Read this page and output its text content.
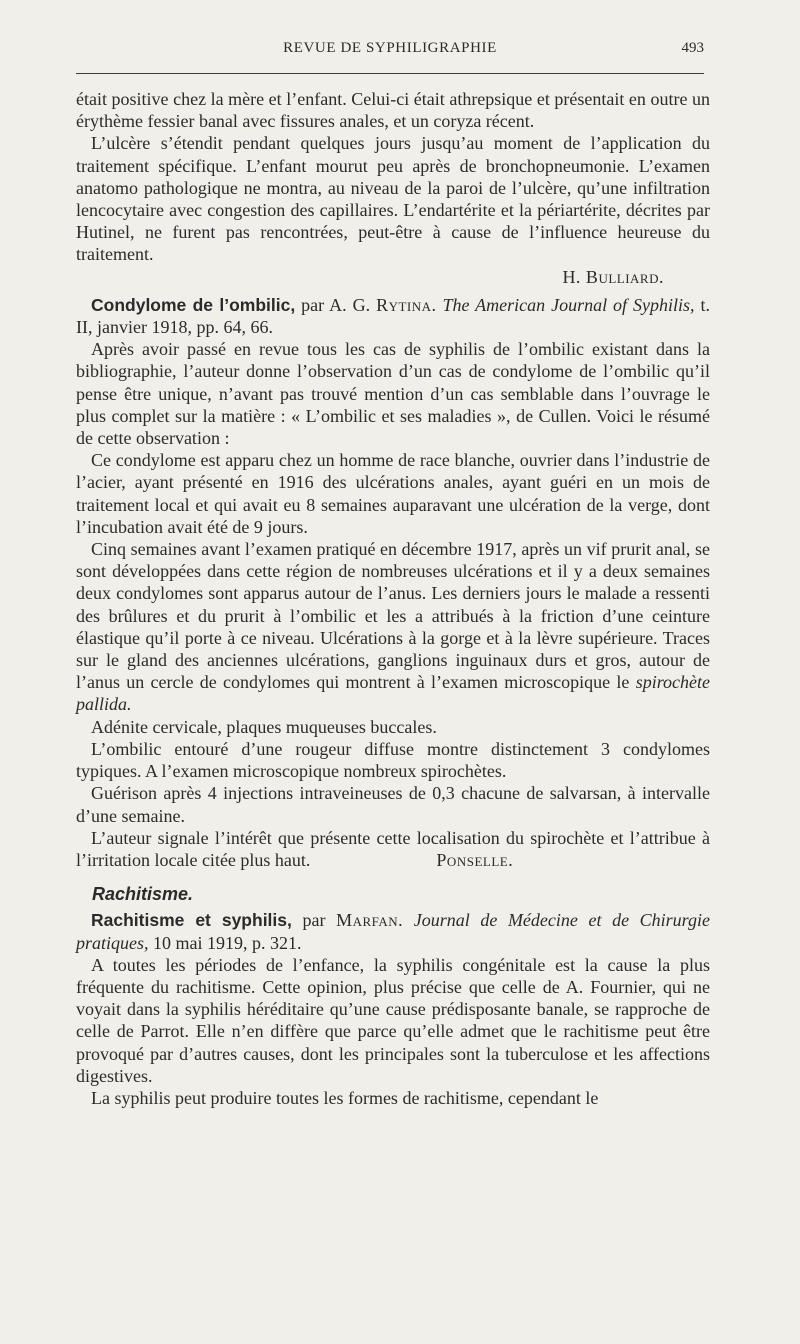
REVUE DE SYPHILIGRAPHIE	493

était positive chez la mère et l’enfant. Celui-ci était athrepsique et présentait en outre un érythème fessier banal avec fissures anales, et un coryza récent.

L’ulcère s’étendit pendant quelques jours jusqu’au moment de l’application du traitement spécifique. L’enfant mourut peu après de bronchopneumonie. L’examen anatomo pathologique ne montra, au niveau de la paroi de l’ulcère, qu’une infiltration lencocytaire avec congestion des capillaires. L’endartérite et la périartérite, décrites par Hutinel, ne furent pas rencontrées, peut-être à cause de l’influence heureuse du traitement.

H. Bulliard.

Condylome de l’ombilic, par A. G. Rytina. The American Journal of Syphilis, t. II, janvier 1918, pp. 64, 66.

Après avoir passé en revue tous les cas de syphilis de l’ombilic existant dans la bibliographie, l’auteur donne l’observation d’un cas de condylome de l’ombilic qu’il pense être unique, n’avant pas trouvé mention d’un cas semblable dans l’ouvrage le plus complet sur la matière : « L’ombilic et ses maladies », de Cullen. Voici le résumé de cette observation :

Ce condylome est apparu chez un homme de race blanche, ouvrier dans l’industrie de l’acier, ayant présenté en 1916 des ulcérations anales, ayant guéri en un mois de traitement local et qui avait eu 8 semaines auparavant une ulcération de la verge, dont l’incubation avait été de 9 jours.

Cinq semaines avant l’examen pratiqué en décembre 1917, après un vif prurit anal, se sont développées dans cette région de nombreuses ulcérations et il y a deux semaines deux condylomes sont apparus autour de l’anus. Les derniers jours le malade a ressenti des brûlures et du prurit à l’ombilic et les a attribués à la friction d’une ceinture élastique qu’il porte à ce niveau. Ulcérations à la gorge et à la lèvre supérieure. Traces sur le gland des anciennes ulcérations, ganglions inguinaux durs et gros, autour de l’anus un cercle de condylomes qui montrent à l’examen microscopique le spirochète pallida.

Adénite cervicale, plaques muqueuses buccales.

L’ombilic entouré d’une rougeur diffuse montre distinctement 3 condylomes typiques. A l’examen microscopique nombreux spirochètes.

Guérison après 4 injections intraveineuses de 0,3 chacune de salvarsan, à intervalle d’une semaine.

L’auteur signale l’intérêt que présente cette localisation du spirochète et l’attribue à l’irritation locale citée plus haut.	Ponselle.

Rachitisme.

Rachitisme et syphilis, par Marfan. Journal de Médecine et de Chirurgie pratiques, 10 mai 1919, p. 321.

A toutes les périodes de l’enfance, la syphilis congénitale est la cause la plus fréquente du rachitisme. Cette opinion, plus précise que celle de A. Fournier, qui ne voyait dans la syphilis héréditaire qu’une cause prédisposante banale, se rapproche de celle de Parrot. Elle n’en diffère que parce qu’elle admet que le rachitisme peut être provoqué par d’autres causes, dont les principales sont la tuberculose et les affections digestives.

La syphilis peut produire toutes les formes de rachitisme, cependant le
